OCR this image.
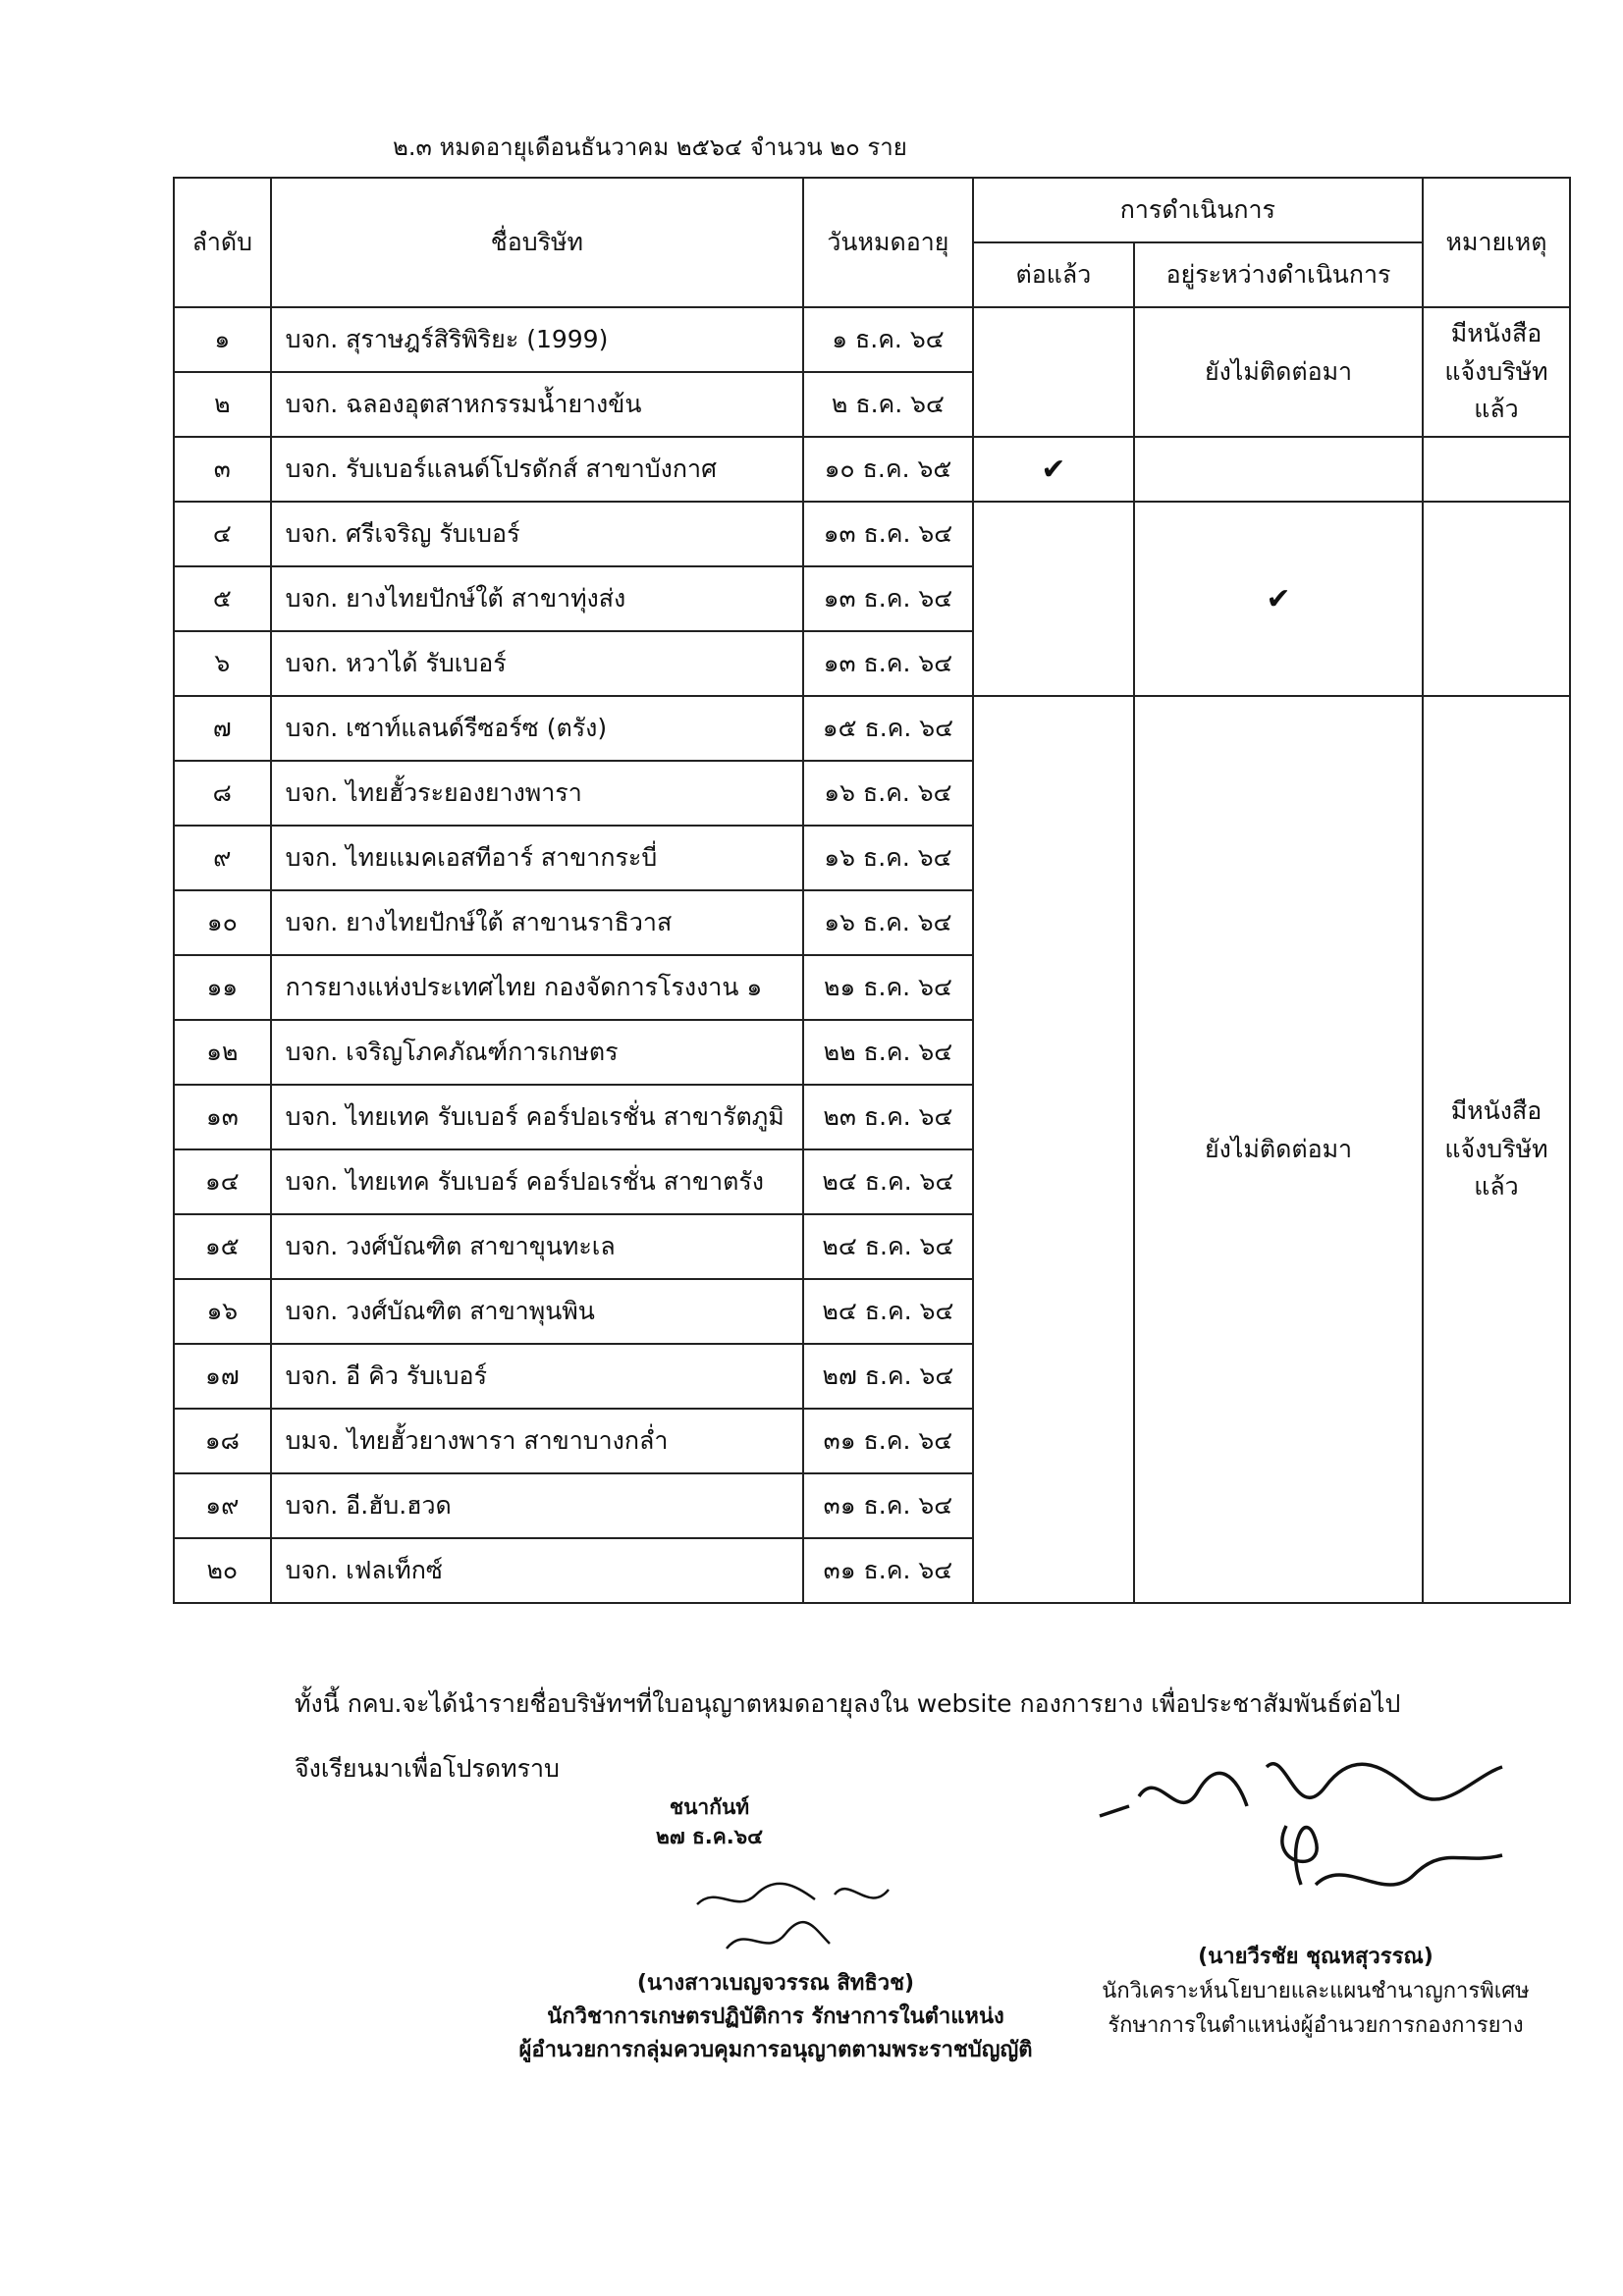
๒.๓ หมดอายุเดือนธันวาคม ๒๕๖๔ จำนวน ๒๐ ราย
ลำดับ	ชื่อบริษัท	วันหมดอายุ	การดำเนินการ		หมายเหตุ
			ต่อแล้ว	อยู่ระหว่างดำเนินการ	
๑	บจก. สุราษฎร์สิริพิริยะ (1999)	๑ ธ.ค. ๖๔		ยังไม่ติดต่อมา	มีหนังสือแจ้งบริษัทแล้ว
๒	บจก. ฉลองอุตสาหกรรมน้ำยางข้น	๒ ธ.ค. ๖๔			
๓	บจก. รับเบอร์แลนด์โปรดักส์ สาขาบังกาศ	๑๐ ธ.ค. ๖๕	✔		
๔	บจก. ศรีเจริญ รับเบอร์	๑๓ ธ.ค. ๖๔		✔	
๕	บจก. ยางไทยปักษ์ใต้ สาขาทุ่งส่ง	๑๓ ธ.ค. ๖๔			
๖	บจก. หวาได้ รับเบอร์	๑๓ ธ.ค. ๖๔			
๗	บจก. เซาท์แลนด์รีซอร์ซ (ตรัง)	๑๕ ธ.ค. ๖๔		ยังไม่ติดต่อมา	มีหนังสือแจ้งบริษัทแล้ว
๘	บจก. ไทยฮั้วระยองยางพารา	๑๖ ธ.ค. ๖๔			
๙	บจก. ไทยแมคเอสทีอาร์ สาขากระบี่	๑๖ ธ.ค. ๖๔			
๑๐	บจก. ยางไทยปักษ์ใต้ สาขานราธิวาส	๑๖ ธ.ค. ๖๔			
๑๑	การยางแห่งประเทศไทย กองจัดการโรงงาน ๑	๒๑ ธ.ค. ๖๔			
๑๒	บจก. เจริญโภคภัณฑ์การเกษตร	๒๒ ธ.ค. ๖๔			
๑๓	บจก. ไทยเทค รับเบอร์ คอร์ปอเรชั่น สาขารัตภูมิ	๒๓ ธ.ค. ๖๔			
๑๔	บจก. ไทยเทค รับเบอร์ คอร์ปอเรชั่น สาขาตรัง	๒๔ ธ.ค. ๖๔			
๑๕	บจก. วงศ์บัณฑิต สาขาขุนทะเล	๒๔ ธ.ค. ๖๔			
๑๖	บจก. วงศ์บัณฑิต สาขาพุนพิน	๒๔ ธ.ค. ๖๔			
๑๗	บจก. อี คิว รับเบอร์	๒๗ ธ.ค. ๖๔			
๑๘	บมจ. ไทยฮั้วยางพารา สาขาบางกล่ำ	๓๑ ธ.ค. ๖๔			
๑๙	บจก. อี.ฮับ.ฮวด	๓๑ ธ.ค. ๖๔			
๒๐	บจก. เฟลเท็กซ์	๓๑ ธ.ค. ๖๔			
ทั้งนี้ กคบ.จะได้นำรายชื่อบริษัทฯที่ใบอนุญาตหมดอายุลงใน website กองการยาง เพื่อประชาสัมพันธ์ต่อไป
จึงเรียนมาเพื่อโปรดทราบ
ชนากันท์
๒๗ ธ.ค.๖๔
(นางสาวเบญจวรรณ สิทธิวช)
นักวิชาการเกษตรปฏิบัติการ รักษาการในตำแหน่ง
ผู้อำนวยการกลุ่มควบคุมการอนุญาตตามพระราชบัญญัติ
(นายวีรชัย ชุณหสุวรรณ)
นักวิเคราะห์นโยบายและแผนชำนาญการพิเศษ
รักษาการในตำแหน่งผู้อำนวยการกองการยาง
